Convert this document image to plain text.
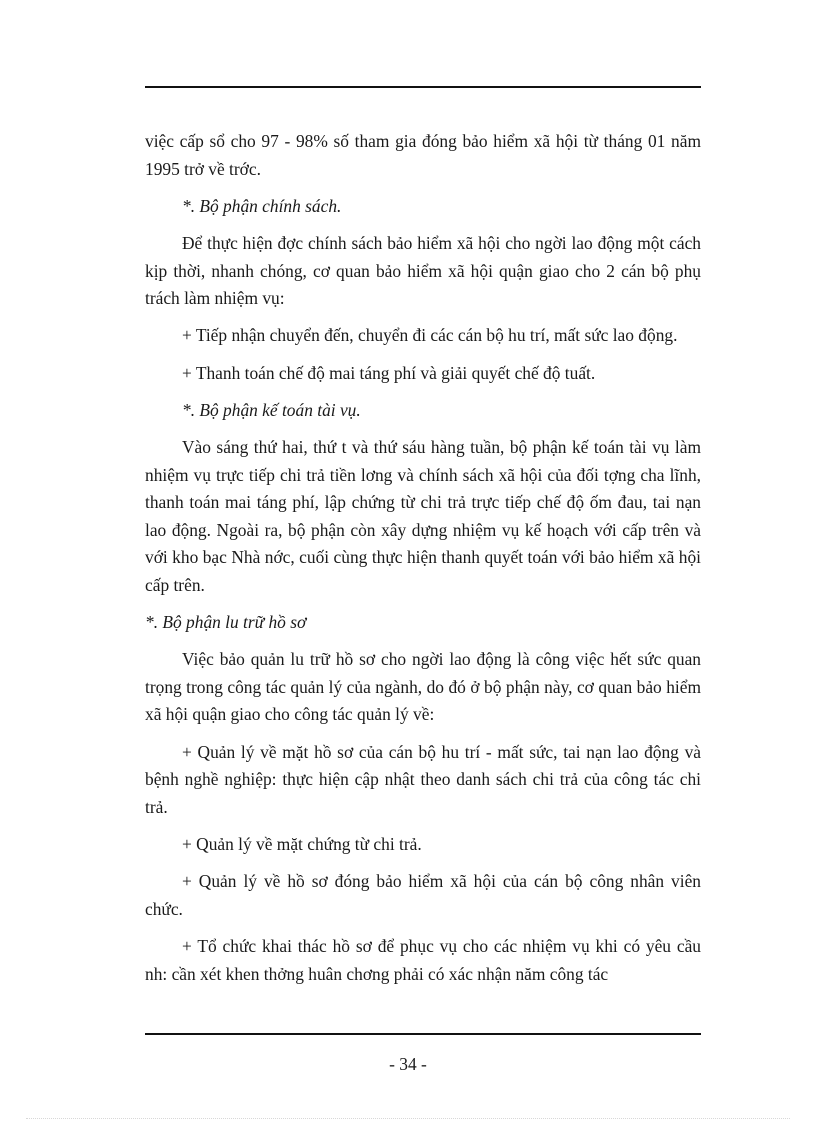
việc cấp sổ cho 97 - 98% số tham gia đóng bảo hiểm xã hội từ tháng 01 năm 1995 trở về trớc.

*. Bộ phận chính sách.

Để thực hiện đợc chính sách bảo hiểm xã hội cho ngời lao động một cách kịp thời, nhanh chóng, cơ quan bảo hiểm xã hội quận giao cho 2 cán bộ phụ trách làm nhiệm vụ:

+ Tiếp nhận chuyển đến, chuyển đi các cán bộ hu trí, mất sức lao động.

+ Thanh toán chế độ mai táng phí và giải quyết chế độ tuất.

*. Bộ phận kế toán tài vụ.

Vào sáng thứ hai, thứ t và thứ sáu hàng tuần, bộ phận kế toán tài vụ làm nhiệm vụ trực tiếp chi trả tiền lơng và chính sách xã hội của đối tợng cha lĩnh, thanh toán mai táng phí, lập chứng từ chi trả trực tiếp chế độ ốm đau, tai nạn lao động. Ngoài ra, bộ phận còn xây dựng nhiệm vụ kế hoạch với cấp trên và với kho bạc Nhà nớc, cuối cùng thực hiện thanh quyết toán với bảo hiểm xã hội cấp trên.

*. Bộ phận lu trữ hồ sơ

Việc bảo quản lu trữ hồ sơ cho ngời lao động là công việc hết sức quan trọng trong công tác quản lý của ngành, do đó ở bộ phận này, cơ quan bảo hiểm xã hội quận giao cho công tác quản lý về:

+ Quản lý về mặt hồ sơ của cán bộ hu trí - mất sức, tai nạn lao động và bệnh nghề nghiệp: thực hiện cập nhật theo danh sách chi trả của công tác chi trả.

+ Quản lý về mặt chứng từ chi trả.

+ Quản lý về hồ sơ đóng bảo hiểm xã hội của cán bộ công nhân viên chức.

+ Tổ chức khai thác hồ sơ để phục vụ cho các nhiệm vụ khi có yêu cầu nh: cần xét khen thởng huân chơng phải có xác nhận năm công tác

- 34 -
